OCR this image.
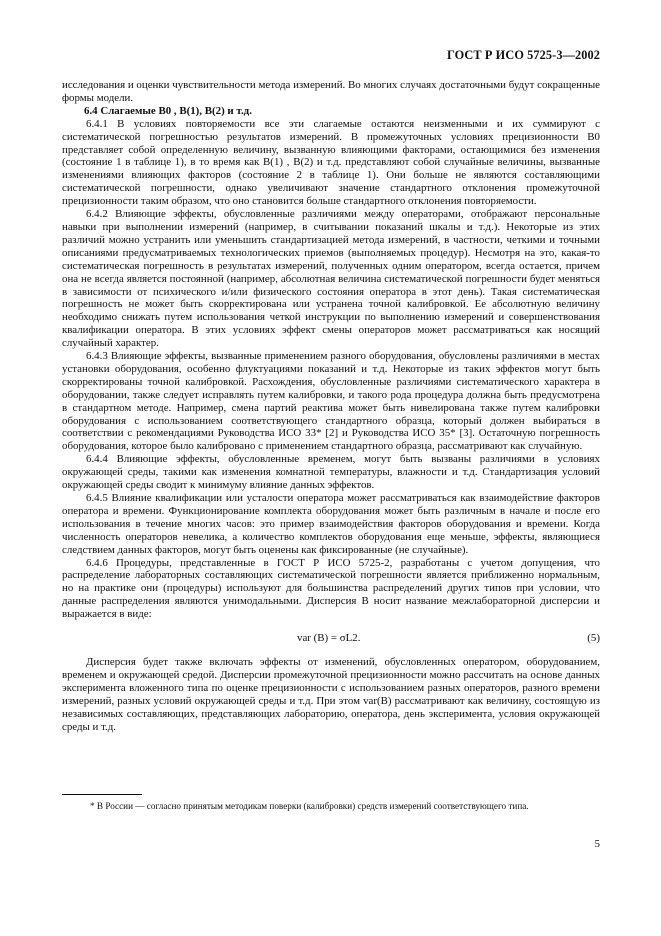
ГОСТ Р ИСО 5725-3—2002

исследования и оценки чувствительности метода измерений. Во многих случаях достаточными будут сокращенные формы модели.

6.4 Слагаемые B0 , B(1), B(2) и т.д.

6.4.1 В условиях повторяемости все эти слагаемые остаются неизменными и их суммируют с систематической погрешностью результатов измерений. В промежуточных условиях прецизионности B0 представляет собой определенную величину, вызванную влияющими факторами, остающимися без изменения (состояние 1 в таблице 1), в то время как B(1) , B(2) и т.д. представляют собой случайные величины, вызванные изменениями влияющих факторов (состояние 2 в таблице 1). Они больше не являются составляющими систематической погрешности, однако увеличивают значение стандартного отклонения промежуточной прецизионности таким образом, что оно становится больше стандартного отклонения повторяемости.

6.4.2 Влияющие эффекты, обусловленные различиями между операторами, отображают персональные навыки при выполнении измерений (например, в считывании показаний шкалы и т.д.). Некоторые из этих различий можно устранить или уменьшить стандартизацией метода измерений, в частности, четкими и точными описаниями предусматриваемых технологических приемов (выполняемых процедур). Несмотря на это, какая-то систематическая погрешность в результатах измерений, полученных одним оператором, всегда остается, причем она не всегда является постоянной (например, абсолютная величина систематической погрешности будет меняться в зависимости от психического и/или физического состояния оператора в этот день). Такая систематическая погрешность не может быть скорректирована или устранена точной калибровкой. Ее абсолютную величину необходимо снижать путем использования четкой инструкции по выполнению измерений и совершенствования квалификации оператора. В этих условиях эффект смены операторов может рассматриваться как носящий случайный характер.

6.4.3 Влияющие эффекты, вызванные применением разного оборудования, обусловлены различиями в местах установки оборудования, особенно флуктуациями показаний и т.д. Некоторые из таких эффектов могут быть скорректированы точной калибровкой. Расхождения, обусловленные различиями систематического характера в оборудовании, также следует исправлять путем калибровки, и такого рода процедура должна быть предусмотрена в стандартном методе. Например, смена партий реактива может быть нивелирована также путем калибровки оборудования с использованием соответствующего стандартного образца, который должен выбираться в соответствии с рекомендациями Руководства ИСО 33* [2] и Руководства ИСО 35* [3]. Остаточную погрешность оборудования, которое было калибровано с применением стандартного образца, рассматривают как случайную.

6.4.4 Влияющие эффекты, обусловленные временем, могут быть вызваны различиями в условиях окружающей среды, такими как изменения комнатной температуры, влажности и т.д. Стандартизация условий окружающей среды сводит к минимуму влияние данных эффектов.

6.4.5 Влияние квалификации или усталости оператора может рассматриваться как взаимодействие факторов оператора и времени. Функционирование комплекта оборудования может быть различным в начале и после его использования в течение многих часов: это пример взаимодействия факторов оборудования и времени. Когда численность операторов невелика, а количество комплектов оборудования еще меньше, эффекты, являющиеся следствием данных факторов, могут быть оценены как фиксированные (не случайные).

6.4.6 Процедуры, представленные в ГОСТ Р ИСО 5725-2, разработаны с учетом допущения, что распределение лабораторных составляющих систематической погрешности является приближенно нормальным, но на практике они (процедуры) используют для большинства распределений других типов при условии, что данные распределения являются унимодальными. Дисперсия B носит название межлабораторной дисперсии и выражается в виде:

var (B) = σL2.	(5)

Дисперсия будет также включать эффекты от изменений, обусловленных оператором, оборудованием, временем и окружающей средой. Дисперсии промежуточной прецизионности можно рассчитать на основе данных эксперимента вложенного типа по оценке прецизионности с использованием разных операторов, разного времени измерений, разных условий окружающей среды и т.д. При этом var(B) рассматривают как величину, состоящую из независимых составляющих, представляющих лабораторию, оператора, день эксперимента, условия окружающей среды и т.д.

* В России — согласно принятым методикам поверки (калибровки) средств измерений соответствующего типа.
5
